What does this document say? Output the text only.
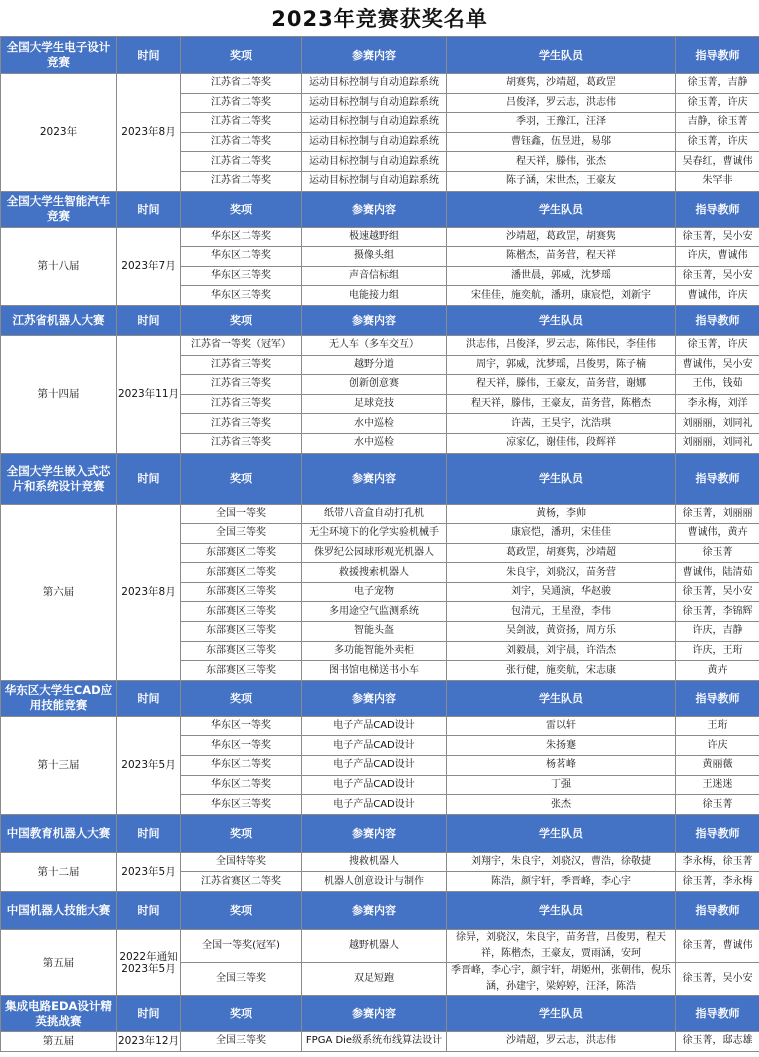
2023年竞赛获奖名单
全国大学生电子设计竞赛	时间	奖项	参赛内容	学生队员	指导教师
2023年	2023年8月	江苏省二等奖	运动目标控制与自动追踪系统	胡赛隽，沙靖超，葛政罡	徐玉菁，吉静
		江苏省二等奖	运动目标控制与自动追踪系统	吕俊泽，罗云志，洪志伟	徐玉菁，许庆
		江苏省二等奖	运动目标控制与自动追踪系统	季羽，王豫江，汪泽	吉静，徐玉菁
		江苏省二等奖	运动目标控制与自动追踪系统	曹钰鑫，伍昱进，易邬	徐玉菁，许庆
		江苏省二等奖	运动目标控制与自动追踪系统	程天祥，滕伟，张杰	吴春红，曹诚伟
		江苏省二等奖	运动目标控制与自动追踪系统	陈子涵，宋世杰，王豪友	朱罕非
全国大学生智能汽车竞赛	时间	奖项	参赛内容	学生队员	指导教师
第十八届	2023年7月	华东区二等奖	极速越野组	沙靖超，葛政罡，胡赛隽	徐玉菁，吴小安
		华东区二等奖	摄像头组	陈楷杰，苗务营，程天祥	许庆，曹诚伟
		华东区三等奖	声音信标组	潘世晨，郭威，沈梦瑶	徐玉菁，吴小安
		华东区三等奖	电能接力组	宋佳佳，施奕航，潘玥，康宸恺，刘新宇	曹诚伟，许庆
江苏省机器人大赛	时间	奖项	参赛内容	学生队员	指导教师
第十四届	2023年11月	江苏省一等奖（冠军）	无人车（多车交互）	洪志伟，吕俊泽，罗云志，陈伟民，李佳伟	徐玉菁，许庆
		江苏省三等奖	越野分道	周宇，郭威，沈梦瑶，吕俊男，陈子楠	曹诚伟，吴小安
		江苏省三等奖	创新创意赛	程天祥，滕伟，王豪友，苗务营，谢娜	王伟，钱茹
		江苏省三等奖	足球竞技	程天祥，滕伟，王豪友，苗务营，陈楷杰	李永梅，刘洋
		江苏省三等奖	水中巡检	许茜，王昊宇，沈浩琪	刘丽丽，刘同礼
		江苏省三等奖	水中巡检	凉家亿，谢佳伟，段辉祥	刘丽丽，刘同礼
全国大学生嵌入式芯片和系统设计竞赛	时间	奖项	参赛内容	学生队员	指导教师
第六届	2023年8月	全国一等奖	纸带八音盒自动打孔机	黄杨，李帅	徐玉菁，刘丽丽
		全国三等奖	无尘环境下的化学实验机械手	康宸恺，潘玥，宋佳佳	曹诚伟，黄卉
		东部赛区二等奖	侏罗纪公园球形观光机器人	葛政罡，胡赛隽，沙靖超	徐玉菁
		东部赛区二等奖	救援搜索机器人	朱良宇，刘骁汉，苗务营	曹诚伟，陆清茹
		东部赛区三等奖	电子宠物	刘宇，吴通演，华赵骏	徐玉菁，吴小安
		东部赛区三等奖	多用途空气监测系统	包清元，王星澄，李伟	徐玉菁，李锦辉
		东部赛区三等奖	智能头盔	吴剑波，黄资扬，周方乐	许庆，吉静
		东部赛区三等奖	多功能智能外卖柜	刘毅晨，刘宇晨，许浩杰	许庆，王珩
		东部赛区三等奖	图书馆电梯送书小车	张行健，施奕航，宋志康	黄卉
华东区大学生CAD应用技能竞赛	时间	奖项	参赛内容	学生队员	指导教师
第十三届	2023年5月	华东区一等奖	电子产品CAD设计	雷以轩	王珩
		华东区一等奖	电子产品CAD设计	朱扬蹇	许庆
		华东区二等奖	电子产品CAD设计	杨茗峰	黄丽薇
		华东区二等奖	电子产品CAD设计	丁强	王迷迷
		华东区三等奖	电子产品CAD设计	张杰	徐玉菁
中国教育机器人大赛	时间	奖项	参赛内容	学生队员	指导教师
第十二届	2023年5月	全国特等奖	搜救机器人	刘翔宇，朱良宇，刘骁汉，曹浩，徐敬捷	李永梅，徐玉菁
		江苏省赛区二等奖	机器人创意设计与制作	陈浩，颜宇轩，季晋峰，李心宇	徐玉菁，李永梅
中国机器人技能大赛	时间	奖项	参赛内容	学生队员	指导教师
第五届	2022年通知2023年5月	全国一等奖(冠军)	越野机器人	徐异，刘骁汉，朱良宇，苗务营，吕俊男，程天祥，陈楷杰，王豪友，贾雨涵，安珂	徐玉菁，曹诚伟
		全国三等奖	双足短跑	季晋峰，李心宇，颜宇轩，胡姬州，张朝伟，倪乐涵，孙建宇，梁婷婷，汪泽，陈浩	徐玉菁，吴小安
集成电路EDA设计精英挑战赛	时间	奖项	参赛内容	学生队员	指导教师
第五届	2023年12月	全国三等奖	FPGA Die级系统布线算法设计	沙靖超，罗云志，洪志伟	徐玉菁，邸志雄
